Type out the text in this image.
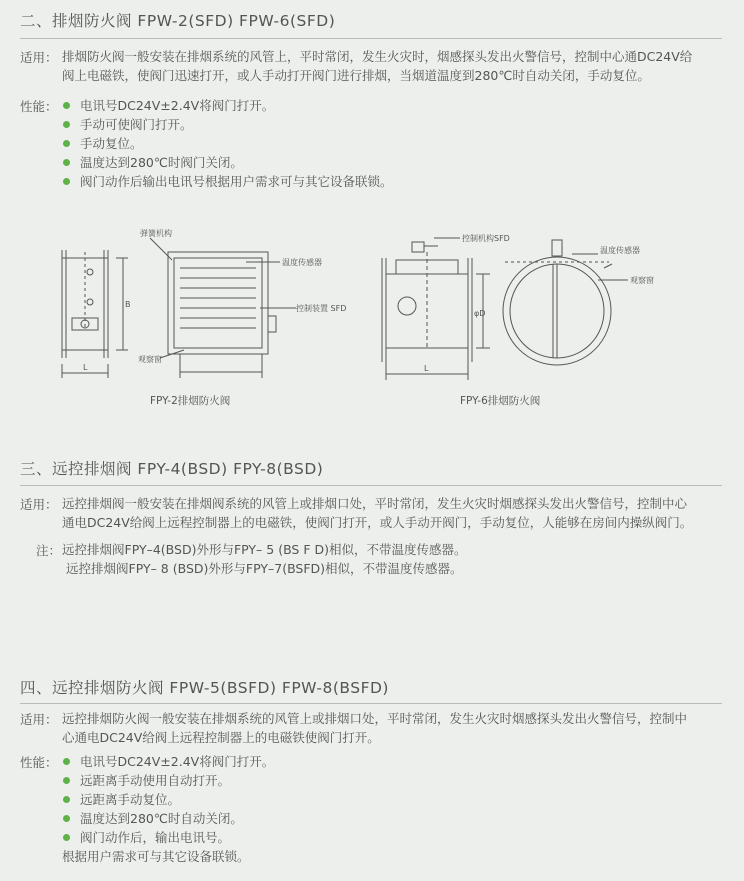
二、排烟防火阀 FPW-2(SFD) FPW-6(SFD)
适用： 排烟防火阀一般安装在排烟系统的风管上，平时常闭，发生火灾时，烟感探头发出火警信号，控制中心通DC24V给
阀上电磁铁，使阀门迅速打开，或人手动打开阀门进行排烟，当烟道温度到280℃时自动关闭，手动复位。
性能： 电讯号DC24V±2.4V将阀门打开。
手动可使阀门打开。
手动复位。
温度达到280℃时阀门关闭。
阀门动作后输出电讯号根据用户需求可与其它设备联锁。
弹簧机构
温度传感器
控制装置 SFD
观察窗
B
L
FPY-2排烟防火阀
控制机构SFD
温度传感器
观察窗
φD
L
FPY-6排烟防火阀
三、远控排烟阀 FPY-4(BSD) FPY-8(BSD)
适用： 远控排烟阀一般安装在排烟阀系统的风管上或排烟口处，平时常闭，发生火灾时烟感探头发出火警信号，控制中心
通电DC24V给阀上远程控制器上的电磁铁，使阀门打开，或人手动开阀门，手动复位，人能够在房间内操纵阀门。
注： 远控排烟阀FPY–4(BSD)外形与FPY– 5 (BS F D)相似，不带温度传感器。
远控排烟阀FPY– 8 (BSD)外形与FPY–7(BSFD)相似，不带温度传感器。
四、远控排烟防火阀 FPW-5(BSFD) FPW-8(BSFD)
适用： 远控排烟防火阀一般安装在排烟系统的风管上或排烟口处，平时常闭，发生火灾时烟感探头发出火警信号，控制中
心通电DC24V给阀上远程控制器上的电磁铁使阀门打开。
性能： 电讯号DC24V±2.4V将阀门打开。
远距离手动使用自动打开。
远距离手动复位。
温度达到280℃时自动关闭。
阀门动作后，输出电讯号。
根据用户需求可与其它设备联锁。
